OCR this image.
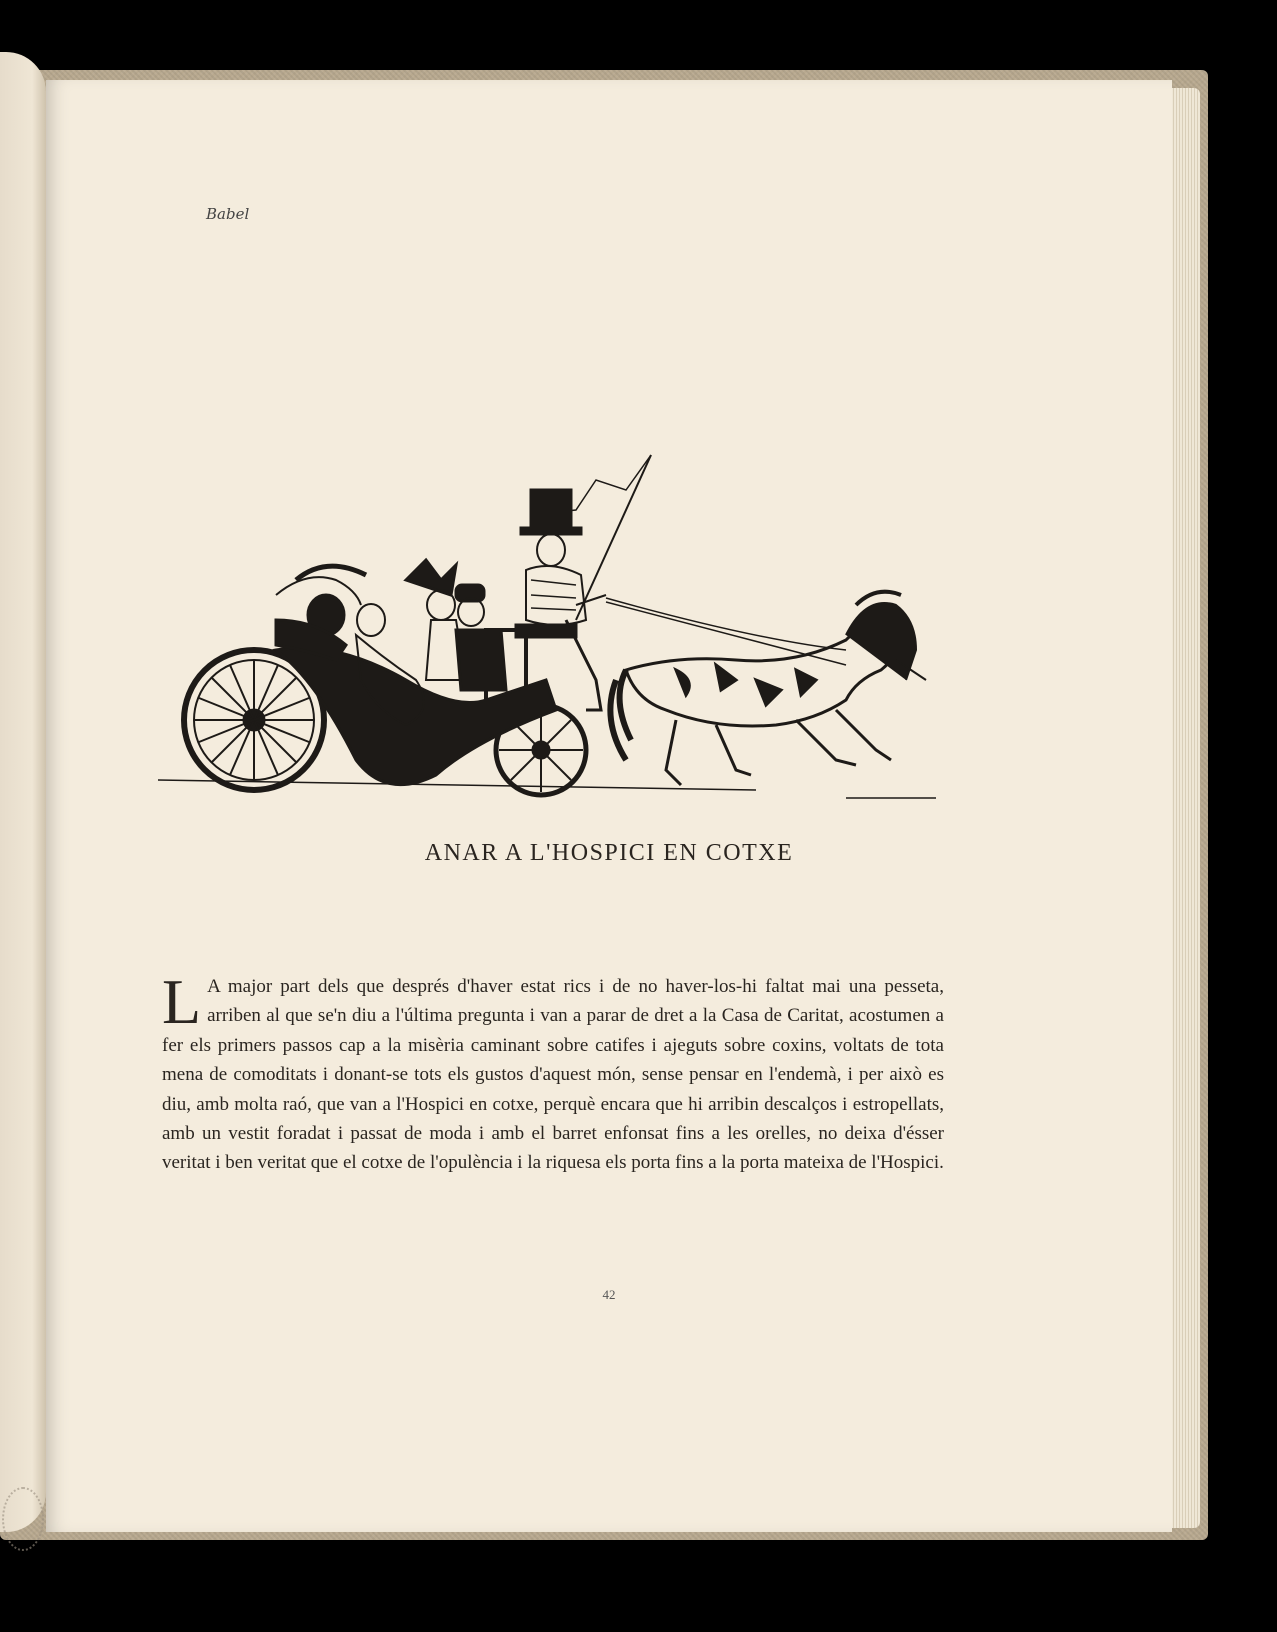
Babel
ANAR A L'HOSPICI EN COTXE
L A major part dels que després d'haver estat rics i de no haver-los-hi faltat mai una pesseta, arriben al que se'n diu a l'última pregunta i van a parar de dret a la Casa de Caritat, acostumen a fer els primers passos cap a la misèria caminant sobre catifes i ajeguts sobre coxins, voltats de tota mena de comoditats i donant-se tots els gustos d'aquest món, sense pensar en l'endemà, i per això es diu, amb molta raó, que van a l'Hospici en cotxe, perquè encara que hi arribin descalços i estropellats, amb un vestit foradat i passat de moda i amb el barret enfonsat fins a les orelles, no deixa d'ésser veritat i ben veritat que el cotxe de l'opulència i la riquesa els porta fins a la porta mateixa de l'Hospici.
42
